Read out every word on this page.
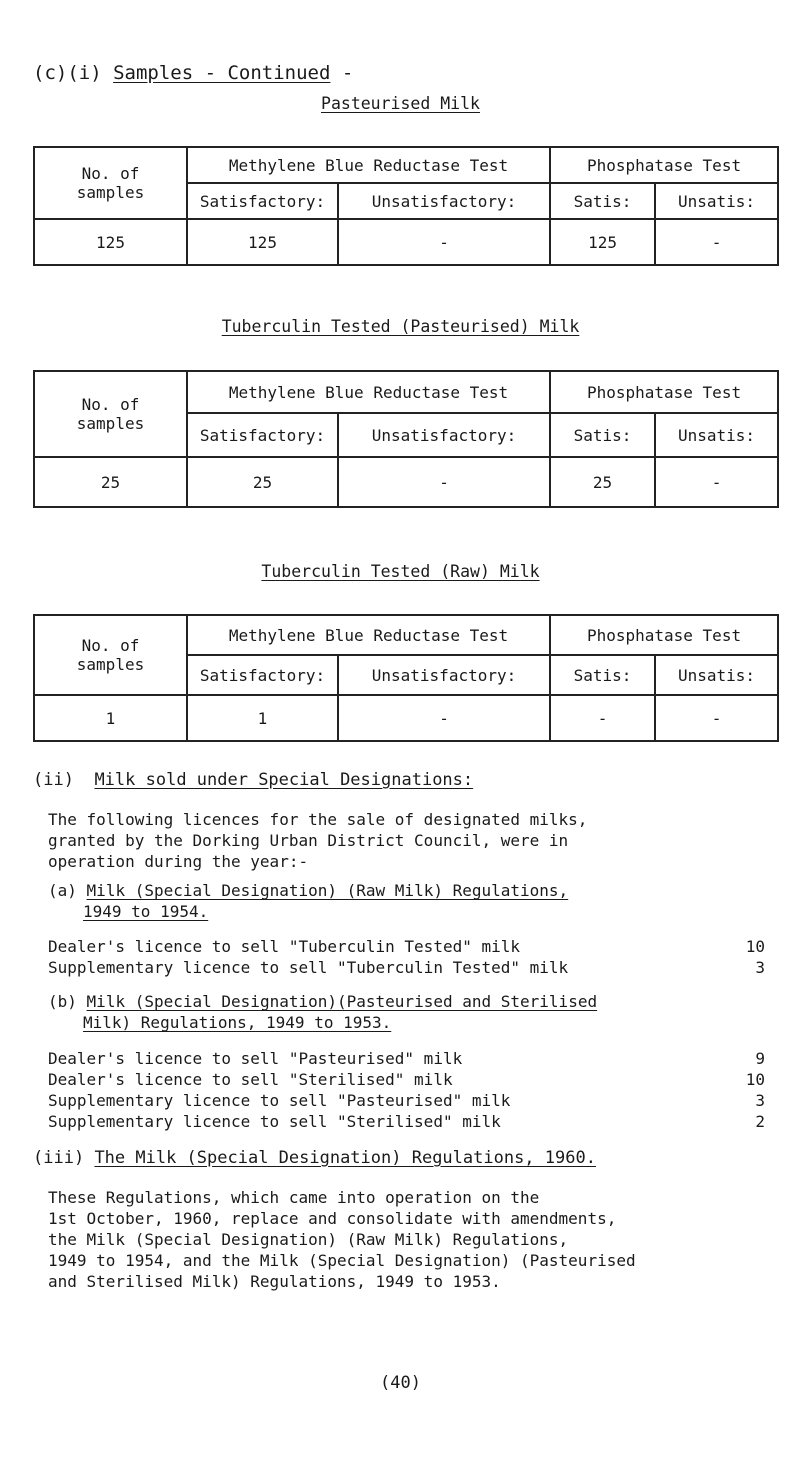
(c)(i) Samples - Continued -
Pasteurised Milk
No. of samples	Methylene Blue Reductase Test		Phosphatase Test	
	Satisfactory:	Unsatisfactory:	Satis:	Unsatis:
125	125	-	125	-
Tuberculin Tested (Pasteurised) Milk
No. of samples	Methylene Blue Reductase Test		Phosphatase Test	
	Satisfactory:	Unsatisfactory:	Satis:	Unsatis:
25	25	-	25	-
Tuberculin Tested (Raw) Milk
No. of samples	Methylene Blue Reductase Test		Phosphatase Test	
	Satisfactory:	Unsatisfactory:	Satis:	Unsatis:
1	1	-	-	-
(ii) Milk sold under Special Designations:
The following licences for the sale of designated milks,
granted by the Dorking Urban District Council, were in
operation during the year:-
(a) Milk (Special Designation) (Raw Milk) Regulations,
1949 to 1954.
Dealer's licence to sell "Tuberculin Tested" milk	10
Supplementary licence to sell "Tuberculin Tested" milk	3
(b) Milk (Special Designation)(Pasteurised and Sterilised
Milk) Regulations, 1949 to 1953.
Dealer's licence to sell "Pasteurised" milk	9
Dealer's licence to sell "Sterilised" milk	10
Supplementary licence to sell "Pasteurised" milk	3
Supplementary licence to sell "Sterilised" milk	2
(iii) The Milk (Special Designation) Regulations, 1960.
These Regulations, which came into operation on the
1st October, 1960, replace and consolidate with amendments,
the Milk (Special Designation) (Raw Milk) Regulations,
1949 to 1954, and the Milk (Special Designation) (Pasteurised
and Sterilised Milk) Regulations, 1949 to 1953.
(40)
